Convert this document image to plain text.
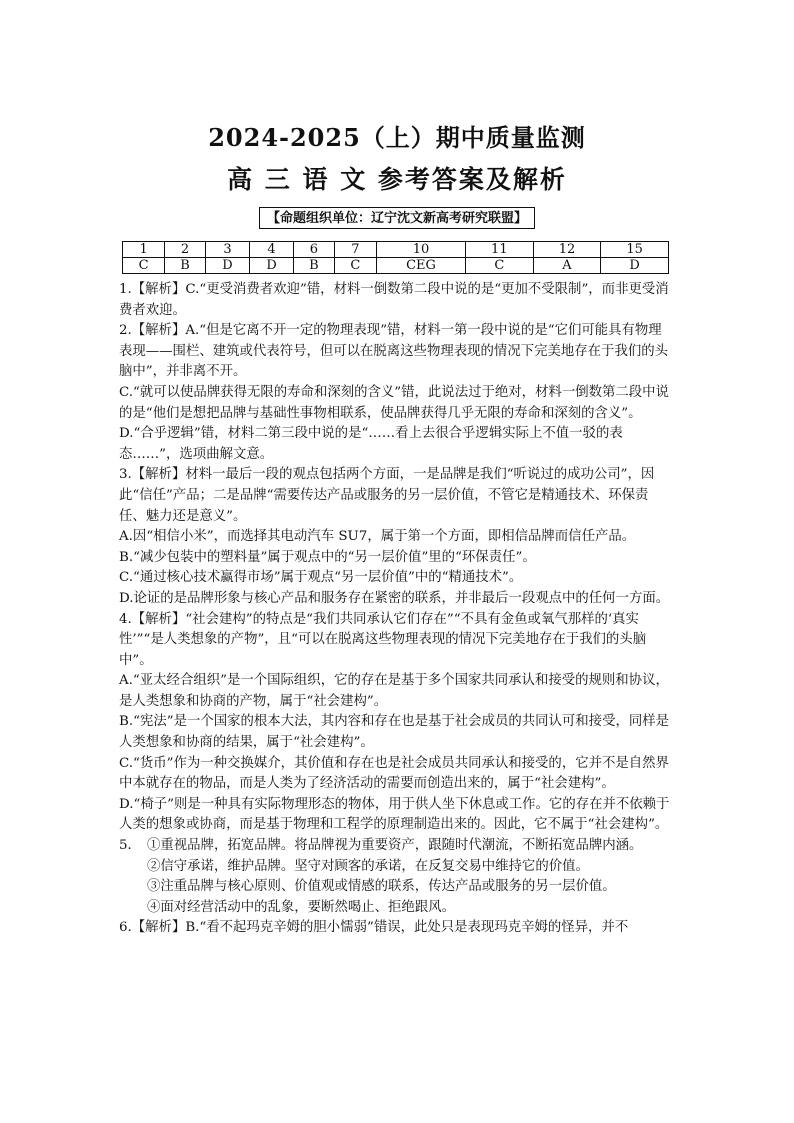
2024-2025（上）期中质量监测
高 三 语 文 参考答案及解析
【命题组织单位：辽宁沈文新高考研究联盟】
1	2	3	4	6	7	10	11	12	15
C	B	D	D	B	C	CEG	C	A	D

1.【解析】C.“更受消费者欢迎”错，材料一倒数第二段中说的是“更加不受限制”，而非更受消费者欢迎。

2.【解析】A.“但是它离不开一定的物理表现”错，材料一第一段中说的是“它们可能具有物理表现——围栏、建筑或代表符号，但可以在脱离这些物理表现的情况下完美地存在于我们的头脑中”，并非离不开。

C.“就可以使品牌获得无限的寿命和深刻的含义”错，此说法过于绝对，材料一倒数第二段中说的是“他们是想把品牌与基础性事物相联系，使品牌获得几乎无限的寿命和深刻的含义”。

D.“合乎逻辑”错，材料二第三段中说的是“……看上去很合乎逻辑实际上不值一驳的表态……”，选项曲解文意。

3.【解析】材料一最后一段的观点包括两个方面，一是品牌是我们“听说过的成功公司”，因此“信任”产品；二是品牌“需要传达产品或服务的另一层价值，不管它是精通技术、环保责任、魅力还是意义”。

A.因“相信小米”，而选择其电动汽车 SU7，属于第一个方面，即相信品牌而信任产品。

B.“减少包装中的塑料量”属于观点中的“另一层价值”里的“环保责任”。

C.“通过核心技术赢得市场”属于观点“另一层价值”中的“精通技术”。

D.论证的是品牌形象与核心产品和服务存在紧密的联系，并非最后一段观点中的任何一方面。

4.【解析】“社会建构”的特点是“我们共同承认它们存在”“不具有金鱼或氧气那样的‘真实性’”“是人类想象的产物”，且“可以在脱离这些物理表现的情况下完美地存在于我们的头脑中”。

A.“亚太经合组织”是一个国际组织，它的存在是基于多个国家共同承认和接受的规则和协议，是人类想象和协商的产物，属于“社会建构”。

B.“宪法”是一个国家的根本大法，其内容和存在也是基于社会成员的共同认可和接受，同样是人类想象和协商的结果，属于“社会建构”。

C.“货币”作为一种交换媒介，其价值和存在也是社会成员共同承认和接受的，它并不是自然界中本就存在的物品，而是人类为了经济活动的需要而创造出来的，属于“社会建构”。

D.“椅子”则是一种具有实际物理形态的物体，用于供人坐下休息或工作。它的存在并不依赖于人类的想象或协商，而是基于物理和工程学的原理制造出来的。因此，它不属于“社会建构”。

5． ①重视品牌，拓宽品牌。将品牌视为重要资产，跟随时代潮流，不断拓宽品牌内涵。

②信守承诺，维护品牌。坚守对顾客的承诺，在反复交易中维持它的价值。

③注重品牌与核心原则、价值观或情感的联系，传达产品或服务的另一层价值。

④面对经营活动中的乱象，要断然喝止、拒绝跟风。

6.【解析】B.“看不起玛克辛姆的胆小懦弱”错误，此处只是表现玛克辛姆的怪异，并不
